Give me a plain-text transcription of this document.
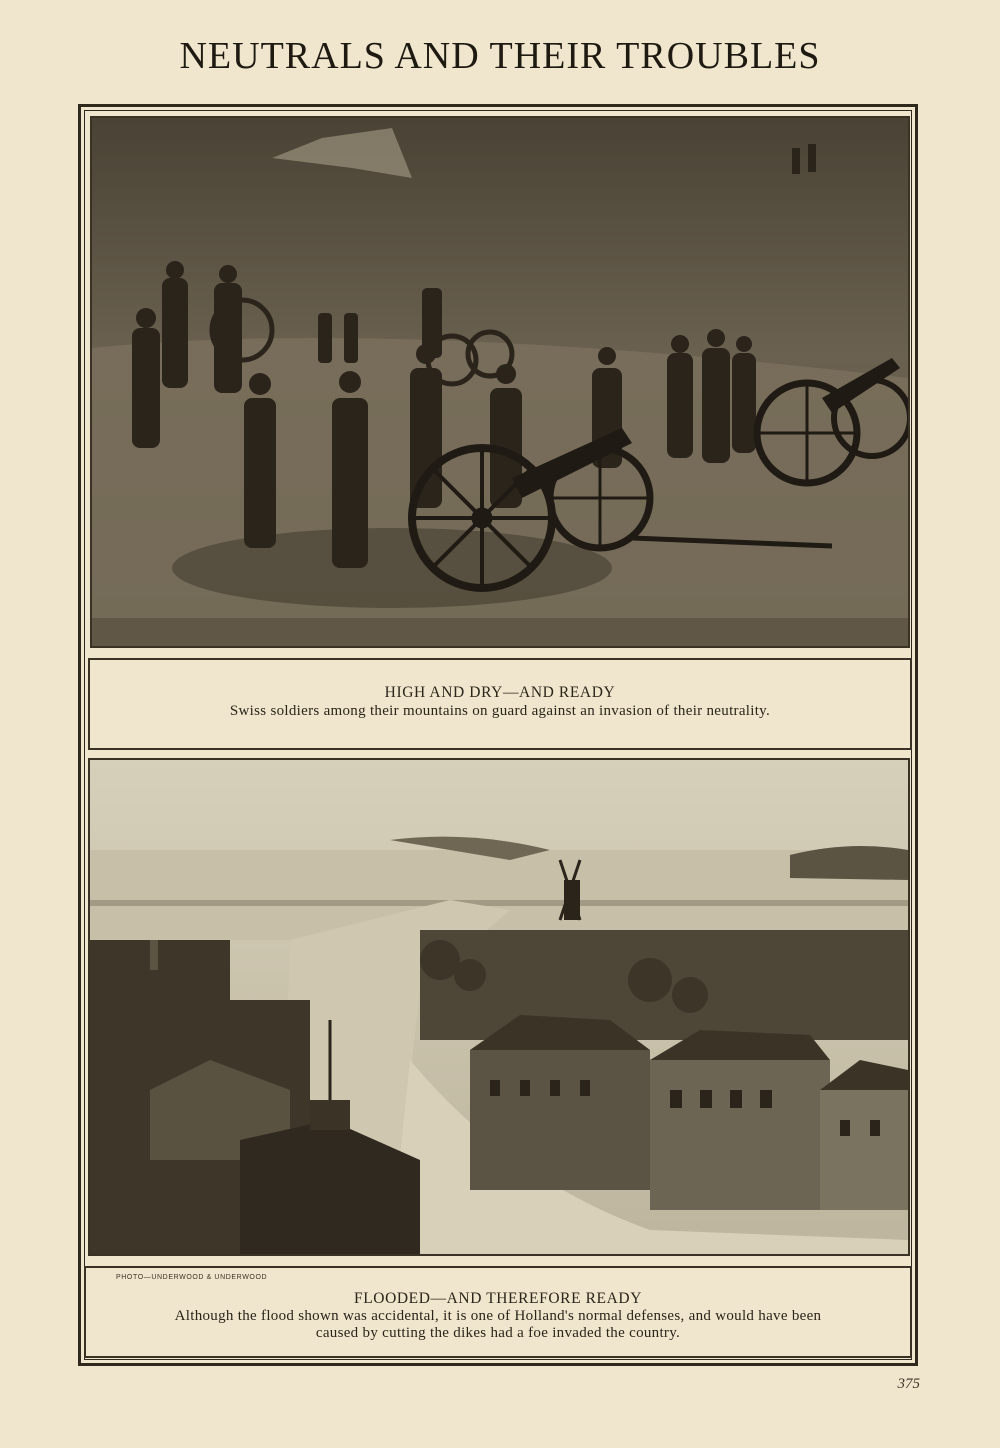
NEUTRALS AND THEIR TROUBLES
HIGH AND DRY—AND READY
Swiss soldiers among their mountains on guard against an invasion of their neutrality.
PHOTO—UNDERWOOD & UNDERWOOD
FLOODED—AND THEREFORE READY
Although the flood shown was accidental, it is one of Holland's normal defenses, and would have been
caused by cutting the dikes had a foe invaded the country.
375
